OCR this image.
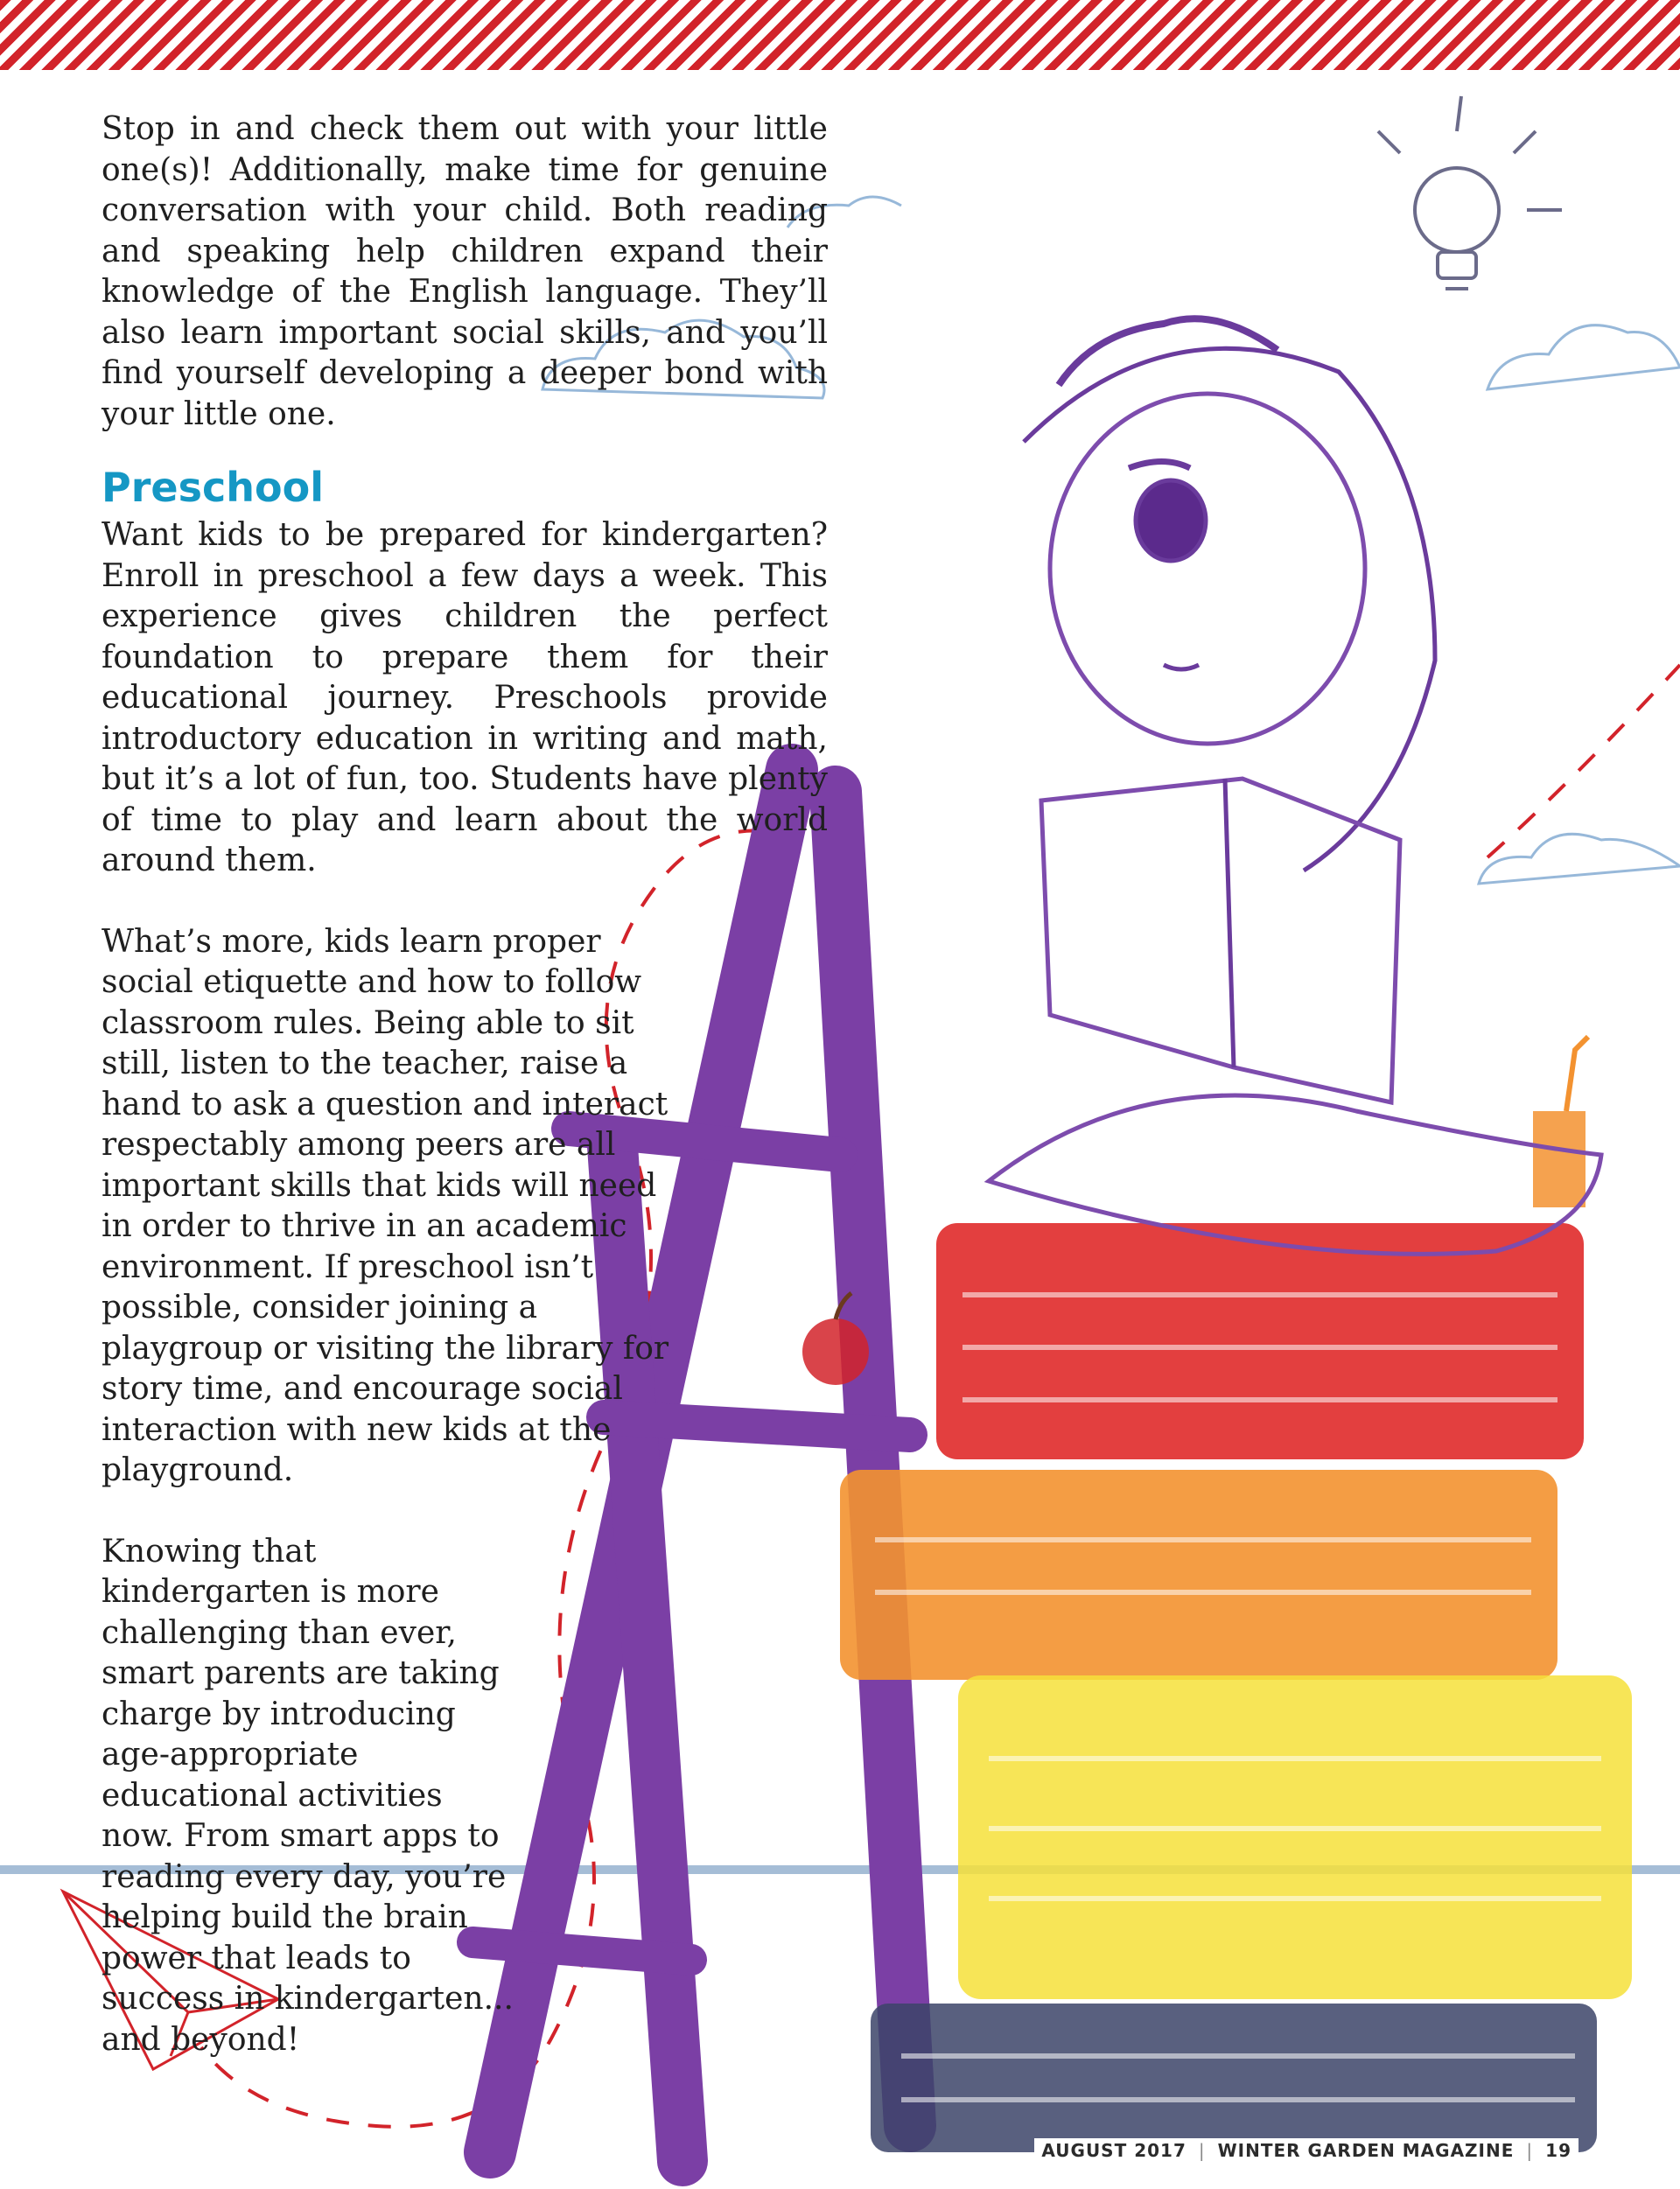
Stop in and check them out with your little one(s)! Additionally, make time for genuine conversation with your child. Both reading and speaking help children expand their knowledge of the English language. They’ll also learn important social skills, and you’ll find yourself developing a deeper bond with your little one.

Preschool

Want kids to be prepared for kindergarten? Enroll in preschool a few days a week. This experience gives children the perfect foundation to prepare them for their educational journey. Preschools provide introductory education in writing and math, but it’s a lot of fun, too. Students have plenty of time to play and learn about the world around them.

What’s more, kids learn proper social etiquette and how to follow classroom rules. Being able to sit still, listen to the teacher, raise a hand to ask a question and interact respectably among peers are all important skills that kids will need in order to thrive in an academic environment. If preschool isn’t possible, consider joining a playgroup or visiting the library for story time, and encourage social interaction with new kids at the playground.

Knowing that kindergarten is more challenging than ever, smart parents are taking charge by introducing age-appropriate educational activities now. From smart apps to reading every day, you’re helping build the brain power that leads to success in kindergarten... and beyond!

AUGUST 2017 | WINTER GARDEN MAGAZINE | 19
